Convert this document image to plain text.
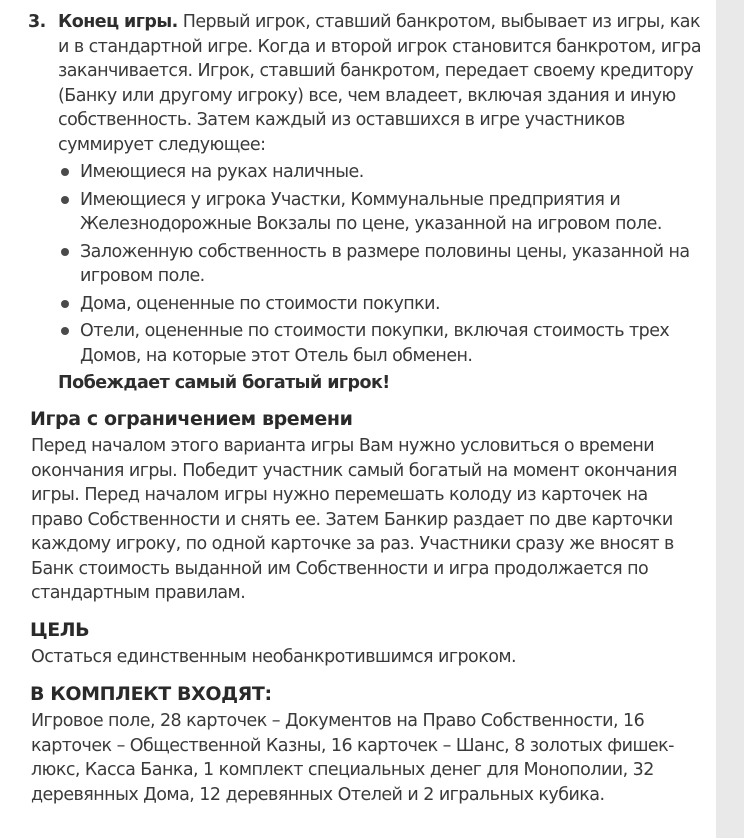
3. Конец игры. Первый игрок, ставший банкротом, выбывает из игры, как и в стандартной игре. Когда и второй игрок становится банкротом, игра заканчивается. Игрок, ставший банкротом, передает своему кредитору (Банку или другому игроку) все, чем владеет, включая здания и иную собственность. Затем каждый из оставшихся в игре участников суммирует следующее:
Имеющиеся на руках наличные.
Имеющиеся у игрока Участки, Коммунальные предприятия и Железнодорожные Вокзалы по цене, указанной на игровом поле.
Заложенную собственность в размере половины цены, указанной на игровом поле.
Дома, оцененные по стоимости покупки.
Отели, оцененные по стоимости покупки, включая стоимость трех Домов, на которые этот Отель был обменен.
Побеждает самый богатый игрок!
Игра с ограничением времени
Перед началом этого варианта игры Вам нужно условиться о времени окончания игры. Победит участник самый богатый на момент окончания игры. Перед началом игры нужно перемешать колоду из карточек на право Собственности и снять ее. Затем Банкир раздает по две карточки каждому игроку, по одной карточке за раз. Участники сразу же вносят в Банк стоимость выданной им Собственности и игра продолжается по стандартным правилам.
ЦЕЛЬ
Остаться единственным необанкротившимся игроком.
В КОМПЛЕКТ ВХОДЯТ:
Игровое поле, 28 карточек – Документов на Право Собственности, 16 карточек – Общественной Казны, 16 карточек – Шанс, 8 золотых фишек-люкс, Касса Банка, 1 комплект специальных денег для Монополии, 32 деревянных Дома, 12 деревянных Отелей и 2 игральных кубика.
